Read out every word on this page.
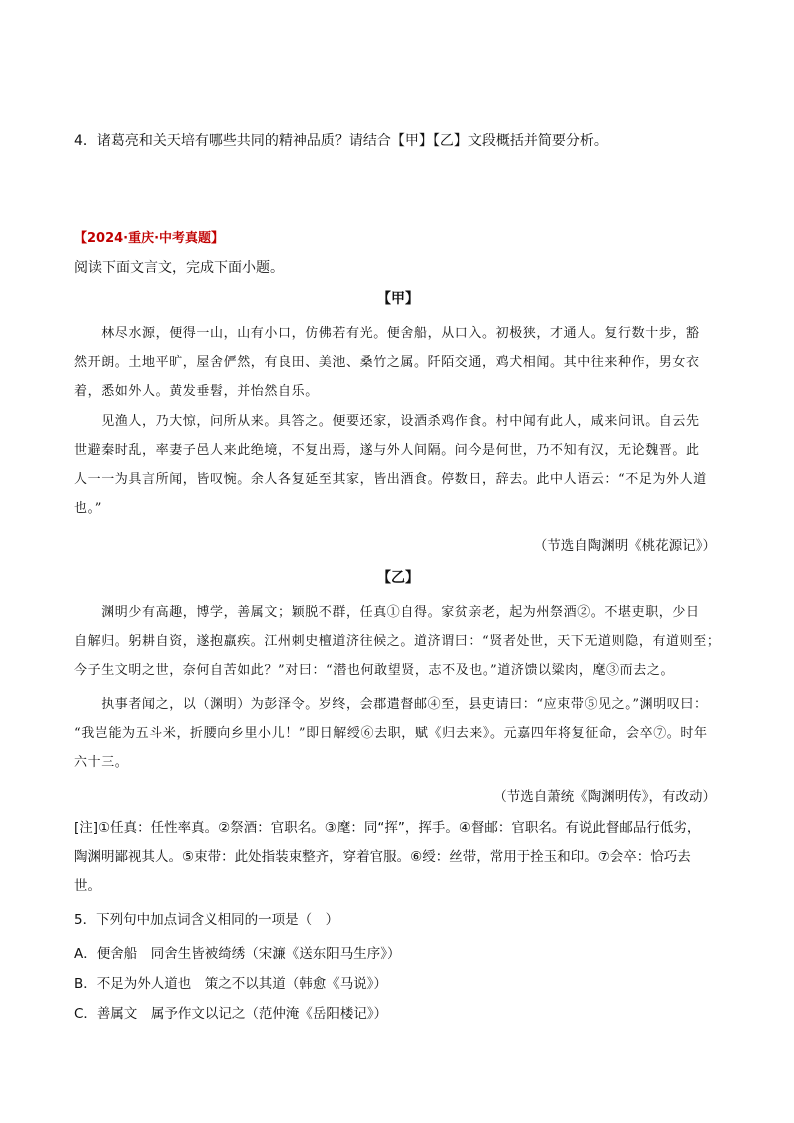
4．诸葛亮和关天培有哪些共同的精神品质？请结合【甲】【乙】文段概括并简要分析。
【2024·重庆·中考真题】
阅读下面文言文，完成下面小题。
【甲】
　　林尽水源，便得一山，山有小口，仿佛若有光。便舍船，从口入。初极狭，才通人。复行数十步，豁
然开朗。土地平旷，屋舍俨然，有良田、美池、桑竹之属。阡陌交通，鸡犬相闻。其中往来种作，男女衣
着，悉如外人。黄发垂髫，并怡然自乐。
　　见渔人，乃大惊，问所从来。具答之。便要还家，设酒杀鸡作食。村中闻有此人，咸来问讯。自云先
世避秦时乱，率妻子邑人来此绝境，不复出焉，遂与外人间隔。问今是何世，乃不知有汉，无论魏晋。此
人一一为具言所闻，皆叹惋。余人各复延至其家，皆出酒食。停数日，辞去。此中人语云：“不足为外人道
也。”
（节选自陶渊明《桃花源记》）
【乙】
　　渊明少有高趣，博学，善属文；颖脱不群，任真①自得。家贫亲老，起为州祭酒②。不堪吏职，少日
自解归。躬耕自资，遂抱羸疾。江州刺史檀道济往候之。道济谓曰：“贤者处世，天下无道则隐，有道则至；
今子生文明之世，奈何自苦如此？”对曰：“潜也何敢望贤，志不及也。”道济馈以粱肉，麾③而去之。
　　执事者闻之，以（渊明）为彭泽令。岁终，会郡遣督邮④至，县吏请曰：“应束带⑤见之。”渊明叹曰：
“我岂能为五斗米，折腰向乡里小儿！”即日解绶⑥去职，赋《归去来》。元嘉四年将复征命，会卒⑦。时年
六十三。
（节选自萧统《陶渊明传》，有改动）
[注]①任真：任性率真。②祭酒：官职名。③麾：同“挥”，挥手。④督邮：官职名。有说此督邮品行低劣，
陶渊明鄙视其人。⑤束带：此处指装束整齐，穿着官服。⑥绶：丝带，常用于拴玉和印。⑦会卒：恰巧去
世。
5．下列句中加点词含义相同的一项是（　）
A．便舍船　同舍生皆被绮绣（宋濂《送东阳马生序》）
B．不足为外人道也　策之不以其道（韩愈《马说》）
C．善属文　属予作文以记之（范仲淹《岳阳楼记》）
